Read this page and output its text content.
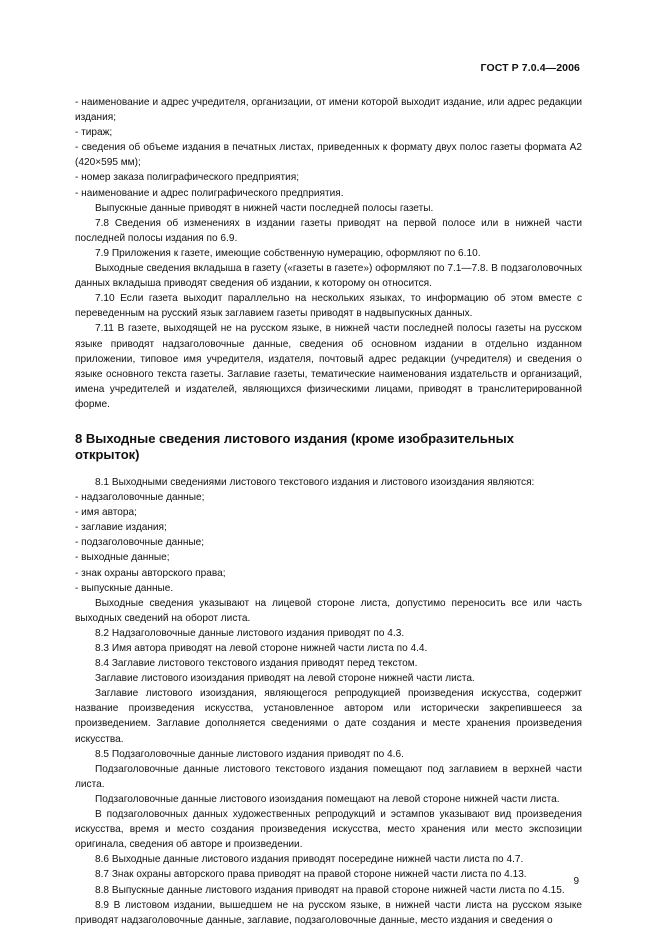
ГОСТ Р 7.0.4—2006

- наименование и адрес учредителя, организации, от имени которой выходит издание, или адрес редакции издания;

- тираж;

- сведения об объеме издания в печатных листах, приведенных к формату двух полос газеты формата А2 (420×595 мм);

- номер заказа полиграфического предприятия;

- наименование и адрес полиграфического предприятия.

Выпускные данные приводят в нижней части последней полосы газеты.

7.8 Сведения об изменениях в издании газеты приводят на первой полосе или в нижней части последней полосы издания по 6.9.

7.9 Приложения к газете, имеющие собственную нумерацию, оформляют по 6.10.

Выходные сведения вкладыша в газету («газеты в газете») оформляют по 7.1—7.8. В подзаголовочных данных вкладыша приводят сведения об издании, к которому он относится.

7.10 Если газета выходит параллельно на нескольких языках, то информацию об этом вместе с переведенным на русский язык заглавием газеты приводят в надвыпускных данных.

7.11 В газете, выходящей не на русском языке, в нижней части последней полосы газеты на русском языке приводят надзаголовочные данные, сведения об основном издании в отдельно изданном приложении, типовое имя учредителя, издателя, почтовый адрес редакции (учредителя) и сведения о языке основного текста газеты. Заглавие газеты, тематические наименования издательств и организаций, имена учредителей и издателей, являющихся физическими лицами, приводят в транслитерированной форме.

8 Выходные сведения листового издания (кроме изобразительных открыток)

8.1 Выходными сведениями листового текстового издания и листового изоиздания являются:

- надзаголовочные данные;

- имя автора;

- заглавие издания;

- подзаголовочные данные;

- выходные данные;

- знак охраны авторского права;

- выпускные данные.

Выходные сведения указывают на лицевой стороне листа, допустимо переносить все или часть выходных сведений на оборот листа.

8.2 Надзаголовочные данные листового издания приводят по 4.3.

8.3 Имя автора приводят на левой стороне нижней части листа по 4.4.

8.4 Заглавие листового текстового издания приводят перед текстом.

Заглавие листового изоиздания приводят на левой стороне нижней части листа.

Заглавие листового изоиздания, являющегося репродукцией произведения искусства, содержит название произведения искусства, установленное автором или исторически закрепившееся за произведением. Заглавие дополняется сведениями о дате создания и месте хранения произведения искусства.

8.5 Подзаголовочные данные листового издания приводят по 4.6.

Подзаголовочные данные листового текстового издания помещают под заглавием в верхней части листа.

Подзаголовочные данные листового изоиздания помещают на левой стороне нижней части листа.

В подзаголовочных данных художественных репродукций и эстампов указывают вид произведения искусства, время и место создания произведения искусства, место хранения или место экспозиции оригинала, сведения об авторе и произведении.

8.6 Выходные данные листового издания приводят посередине нижней части листа по 4.7.

8.7 Знак охраны авторского права приводят на правой стороне нижней части листа по 4.13.

8.8 Выпускные данные листового издания приводят на правой стороне нижней части листа по 4.15.

8.9 В листовом издании, вышедшем не на русском языке, в нижней части листа на русском языке приводят надзаголовочные данные, заглавие, подзаголовочные данные, место издания и сведения о

9
